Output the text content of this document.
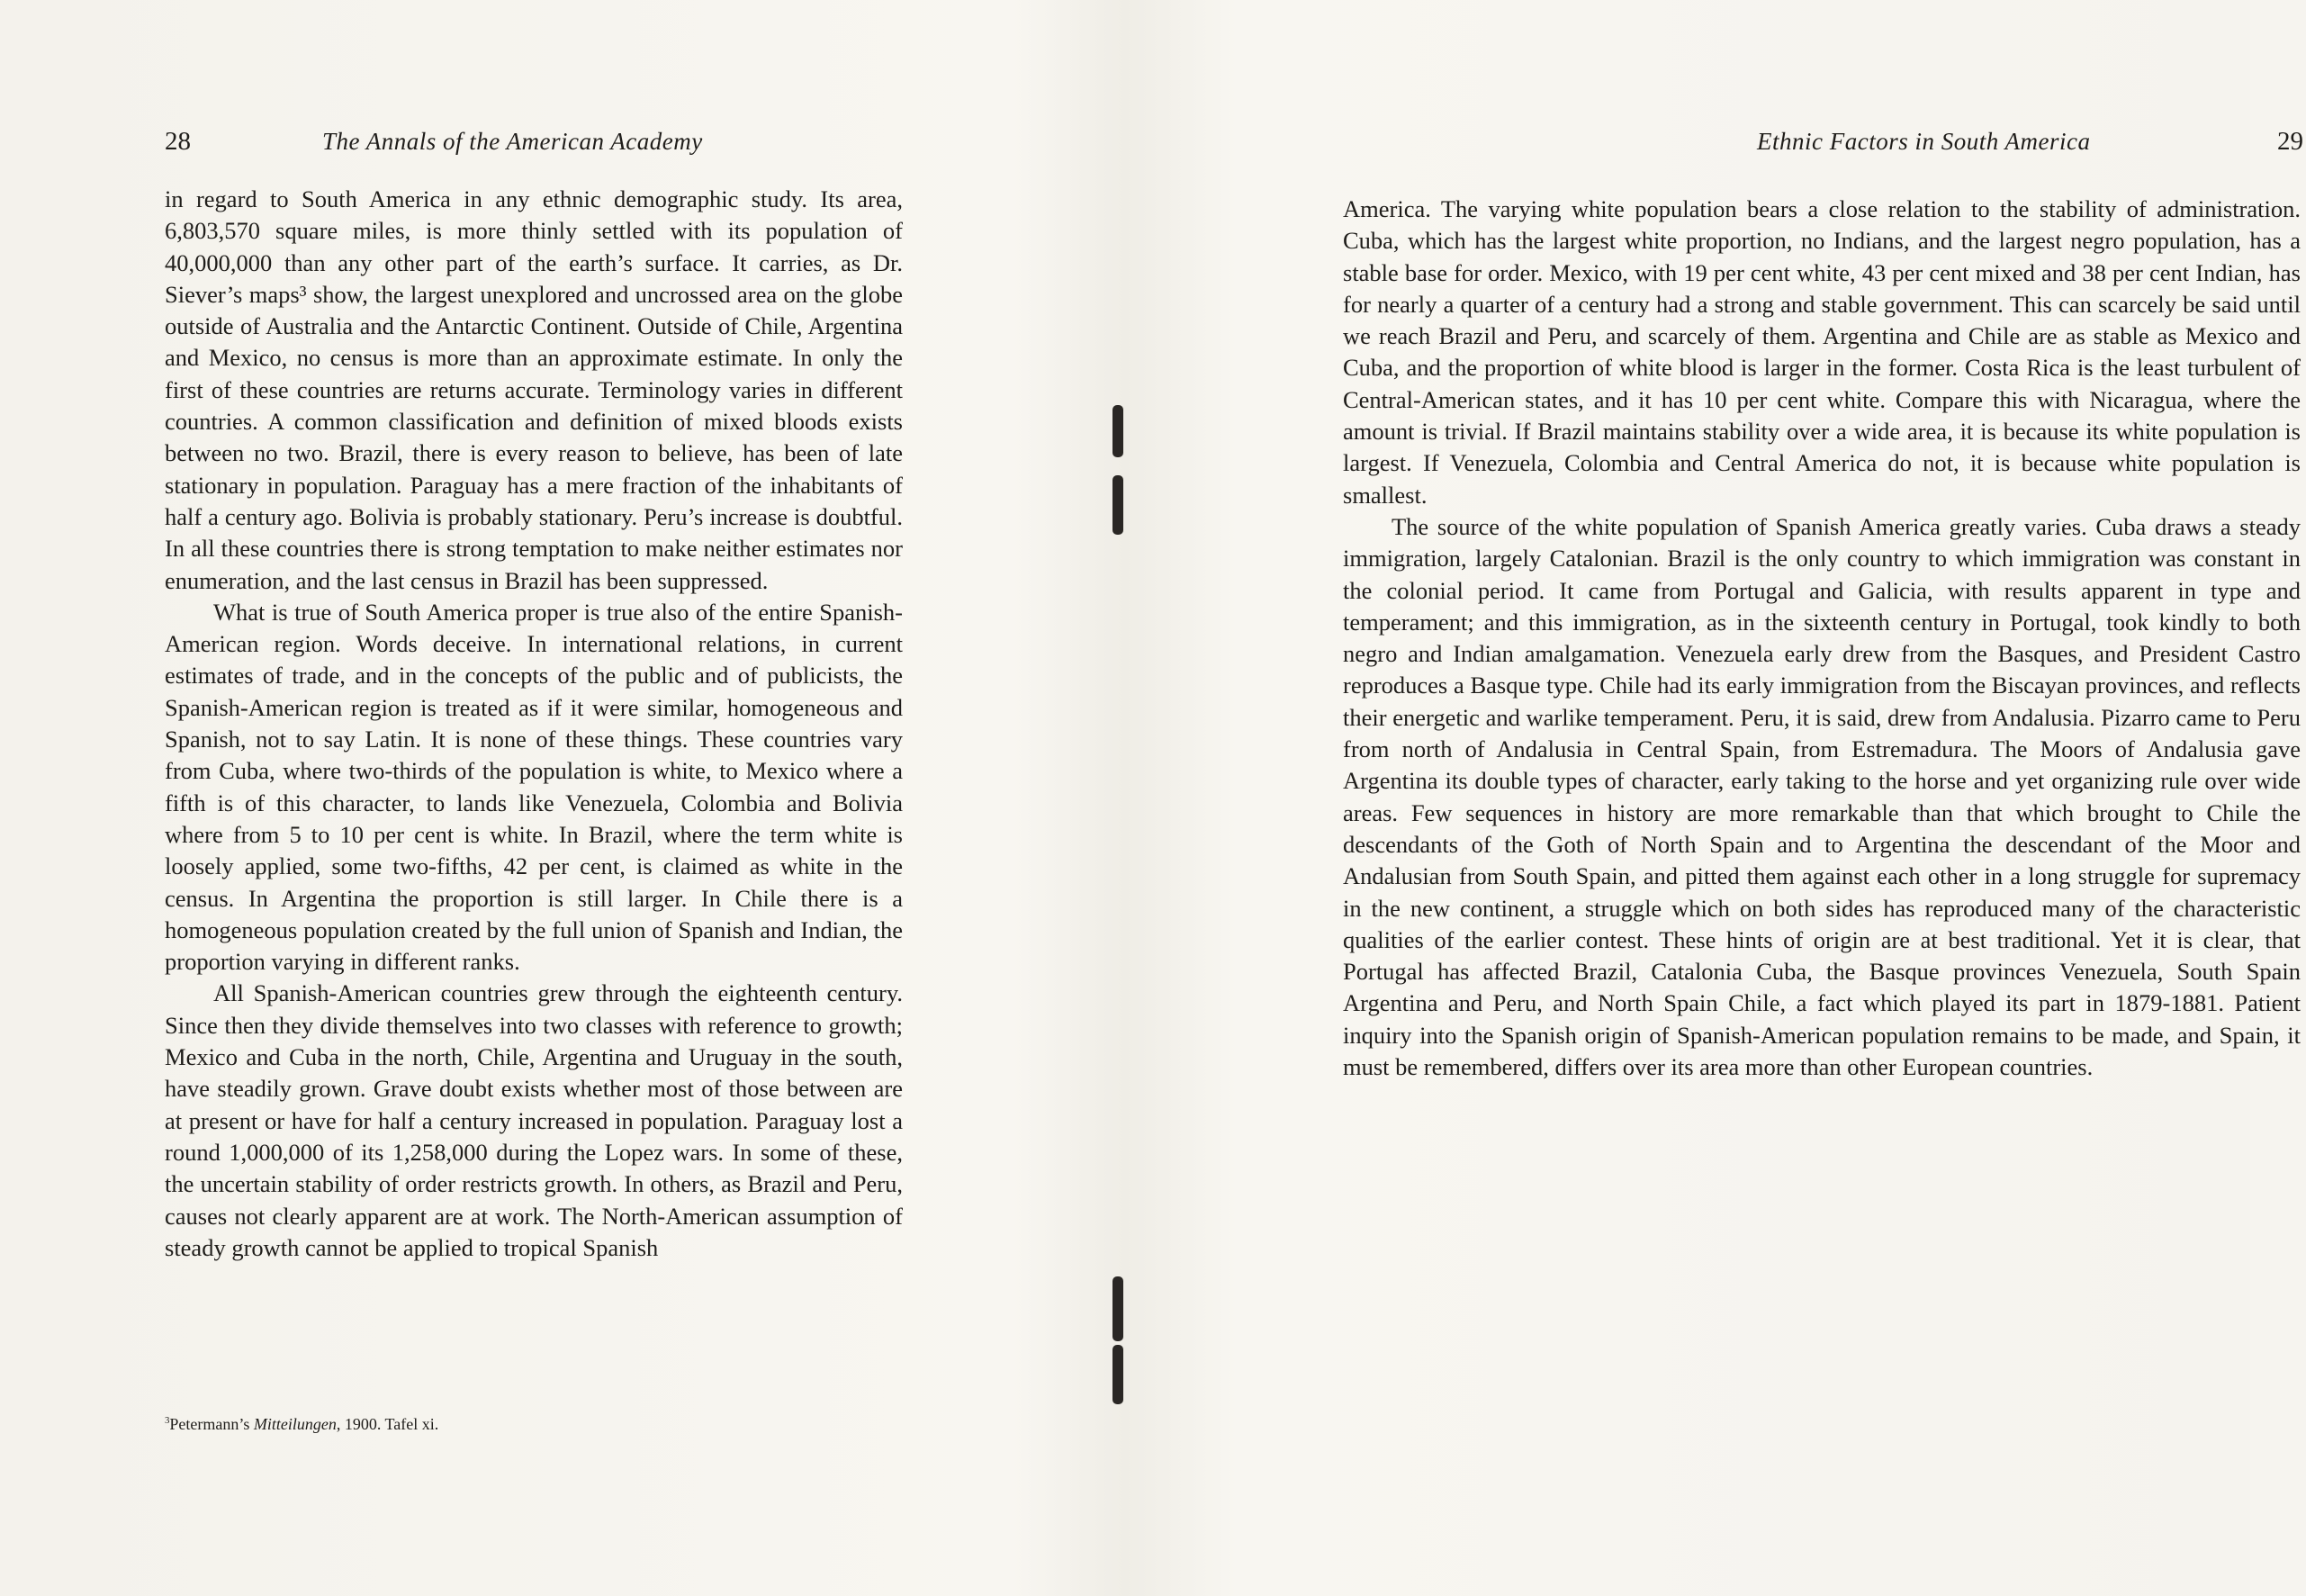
28	The Annals of the American Academy

in regard to South America in any ethnic demographic study. Its area, 6,803,570 square miles, is more thinly settled with its population of 40,000,000 than any other part of the earth’s surface. It carries, as Dr. Siever’s maps³ show, the largest unexplored and uncrossed area on the globe outside of Australia and the Antarctic Continent. Outside of Chile, Argentina and Mexico, no census is more than an approximate estimate. In only the first of these countries are returns accurate. Terminology varies in different countries. A common classification and definition of mixed bloods exists between no two. Brazil, there is every reason to believe, has been of late stationary in population. Paraguay has a mere fraction of the inhabitants of half a century ago. Bolivia is probably stationary. Peru’s increase is doubtful. In all these countries there is strong temptation to make neither estimates nor enumeration, and the last census in Brazil has been suppressed.

What is true of South America proper is true also of the entire Spanish-American region. Words deceive. In international relations, in current estimates of trade, and in the concepts of the public and of publicists, the Spanish-American region is treated as if it were similar, homogeneous and Spanish, not to say Latin. It is none of these things. These countries vary from Cuba, where two-thirds of the population is white, to Mexico where a fifth is of this character, to lands like Venezuela, Colombia and Bolivia where from 5 to 10 per cent is white. In Brazil, where the term white is loosely applied, some two-fifths, 42 per cent, is claimed as white in the census. In Argentina the proportion is still larger. In Chile there is a homogeneous population created by the full union of Spanish and Indian, the proportion varying in different ranks.

All Spanish-American countries grew through the eighteenth century. Since then they divide themselves into two classes with reference to growth; Mexico and Cuba in the north, Chile, Argentina and Uruguay in the south, have steadily grown. Grave doubt exists whether most of those between are at present or have for half a century increased in population. Paraguay lost a round 1,000,000 of its 1,258,000 during the Lopez wars. In some of these, the uncertain stability of order restricts growth. In others, as Brazil and Peru, causes not clearly apparent are at work. The North-American assumption of steady growth cannot be applied to tropical Spanish

$^3$Petermann’s Mitteilungen, 1900. Tafel xi.
Ethnic Factors in South America	29

America. The varying white population bears a close relation to the stability of administration. Cuba, which has the largest white proportion, no Indians, and the largest negro population, has a stable base for order. Mexico, with 19 per cent white, 43 per cent mixed and 38 per cent Indian, has for nearly a quarter of a century had a strong and stable government. This can scarcely be said until we reach Brazil and Peru, and scarcely of them. Argentina and Chile are as stable as Mexico and Cuba, and the proportion of white blood is larger in the former. Costa Rica is the least turbulent of Central-American states, and it has 10 per cent white. Compare this with Nicaragua, where the amount is trivial. If Brazil maintains stability over a wide area, it is because its white population is largest. If Venezuela, Colombia and Central America do not, it is because white population is smallest.

The source of the white population of Spanish America greatly varies. Cuba draws a steady immigration, largely Catalonian. Brazil is the only country to which immigration was constant in the colonial period. It came from Portugal and Galicia, with results apparent in type and temperament; and this immigration, as in the sixteenth century in Portugal, took kindly to both negro and Indian amalgamation. Venezuela early drew from the Basques, and President Castro reproduces a Basque type. Chile had its early immigration from the Biscayan provinces, and reflects their energetic and warlike temperament. Peru, it is said, drew from Andalusia. Pizarro came to Peru from north of Andalusia in Central Spain, from Estremadura. The Moors of Andalusia gave Argentina its double types of character, early taking to the horse and yet organizing rule over wide areas. Few sequences in history are more remarkable than that which brought to Chile the descendants of the Goth of North Spain and to Argentina the descendant of the Moor and Andalusian from South Spain, and pitted them against each other in a long struggle for supremacy in the new continent, a struggle which on both sides has reproduced many of the characteristic qualities of the earlier contest. These hints of origin are at best traditional. Yet it is clear, that Portugal has affected Brazil, Catalonia Cuba, the Basque provinces Venezuela, South Spain Argentina and Peru, and North Spain Chile, a fact which played its part in 1879-1881. Patient inquiry into the Spanish origin of Spanish-American population remains to be made, and Spain, it must be remembered, differs over its area more than other European countries.
